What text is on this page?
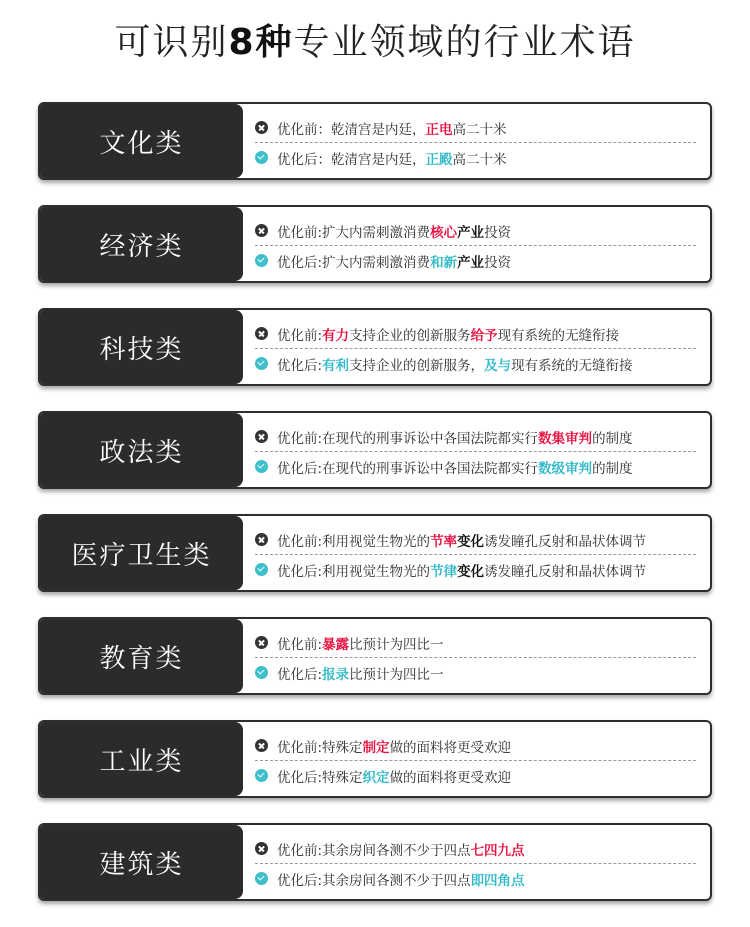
可识别8种专业领域的行业术语
文化类	优化前：乾清宫是内廷， 正电 高二十米
优化后：乾清宫是内廷， 正殿 高二十米
经济类	优化前:扩大内需刺激消费 核心 产业 投资
优化后:扩大内需刺激消费 和新 产业 投资
科技类	优化前: 有力 支持企业的创新服务 给予 现有系统的无缝衔接
优化后: 有利 支持企业的创新服务， 及与 现有系统的无缝衔接
政法类	优化前:在现代的刑事诉讼中各国法院都实行 数集审判 的制度
优化后:在现代的刑事诉讼中各国法院都实行 数级审判 的制度
医疗卫生类	优化前:利用视觉生物光的 节率 变化 诱发瞳孔反射和晶状体调节
优化后:利用视觉生物光的 节律 变化 诱发瞳孔反射和晶状体调节
教育类	优化前: 暴露 比预计为四比一
优化后: 报录 比预计为四比一
工业类	优化前:特殊定 制定 做的面料将更受欢迎
优化后:特殊定 织定 做的面料将更受欢迎
建筑类	优化前:其余房间各测不少于四点 七四九点
优化后:其余房间各测不少于四点 即四角点
